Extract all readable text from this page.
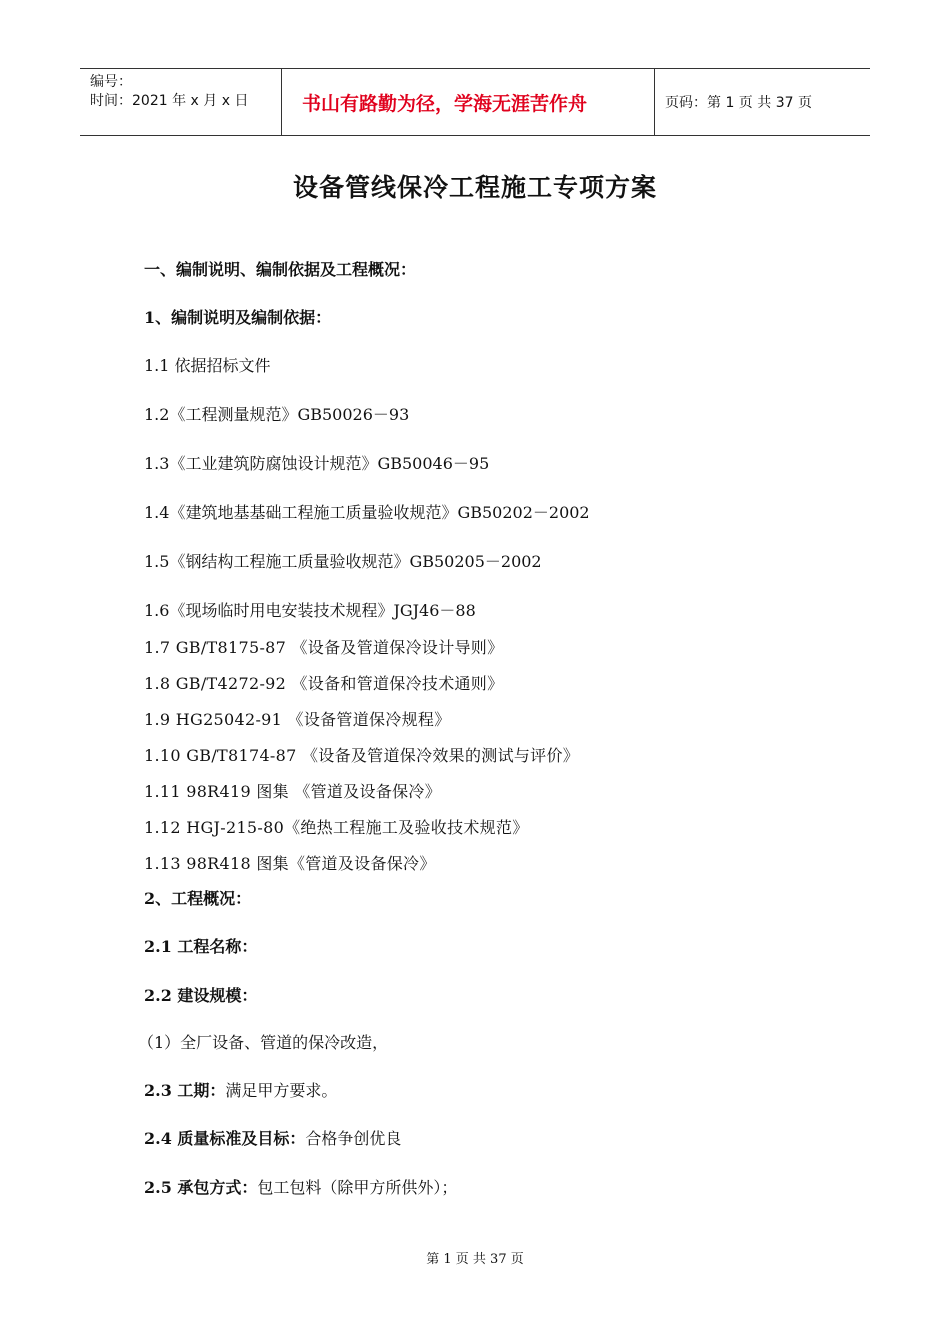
编号：
时间：2021 年 x 月 x 日	书山有路勤为径，学海无涯苦作舟	页码：第 1 页 共 37 页
设备管线保冷工程施工专项方案
一、编制说明、编制依据及工程概况：
1、编制说明及编制依据：
1.1 依据招标文件
1.2《工程测量规范》GB50026－93
1.3《工业建筑防腐蚀设计规范》GB50046－95
1.4《建筑地基基础工程施工质量验收规范》GB50202－2002
1.5《钢结构工程施工质量验收规范》GB50205－2002
1.6《现场临时用电安装技术规程》JGJ46－88
1.7 GB/T8175-87 《设备及管道保冷设计导则》
1.8 GB/T4272-92 《设备和管道保冷技术通则》
1.9 HG25042-91 《设备管道保冷规程》
1.10 GB/T8174-87 《设备及管道保冷效果的测试与评价》
1.11 98R419 图集 《管道及设备保冷》
1.12 HGJ-215-80《绝热工程施工及验收技术规范》
1.13 98R418 图集《管道及设备保冷》
2、工程概况：
2.1 工程名称：
2.2 建设规模：
（1）全厂设备、管道的保冷改造，
2.3 工期：满足甲方要求。
2.4 质量标准及目标：合格争创优良
2.5 承包方式：包工包料（除甲方所供外）；
第 1 页 共 37 页
